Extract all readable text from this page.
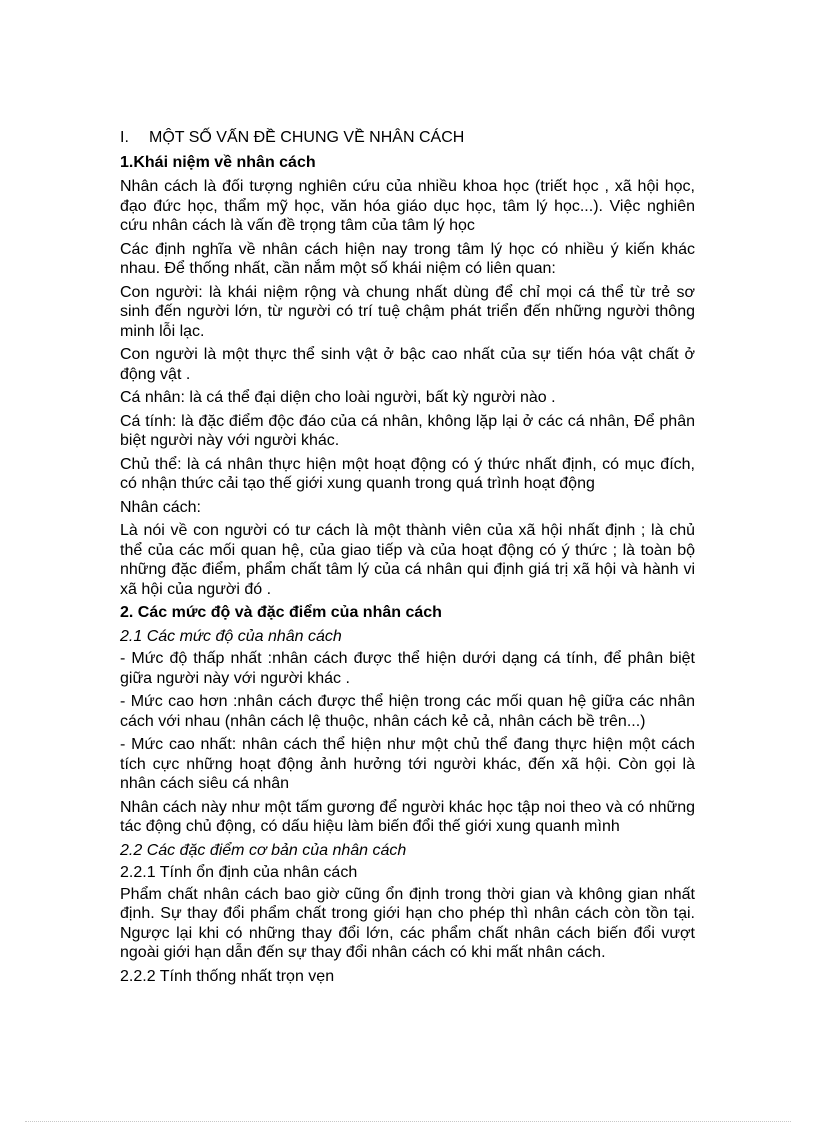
I.	MỘT SỐ VẤN ĐỀ CHUNG VỀ NHÂN CÁCH
1.Khái niệm về nhân cách

Nhân cách là đối tượng nghiên cứu của nhiều khoa học (triết học , xã hội học, đạo đức học, thẩm mỹ học, văn hóa giáo dục học, tâm lý học...). Việc nghiên cứu nhân cách là vấn đề trọng tâm của tâm lý học

Các định nghĩa về nhân cách hiện nay trong tâm lý học có nhiều ý kiến khác nhau. Để thống nhất, cần nắm một số khái niệm có liên quan:

Con người: là khái niệm rộng và chung nhất dùng để chỉ mọi cá thể từ trẻ sơ sinh đến người lớn, từ người có trí tuệ chậm phát triển đến những người thông minh lỗi lạc.

Con người là một thực thể sinh vật ở bậc cao nhất của sự tiến hóa vật chất ở động vật .

Cá nhân: là cá thể đại diện cho loài người, bất kỳ người nào .

Cá tính: là đặc điểm độc đáo của cá nhân, không lặp lại ở các cá nhân, Để phân biệt người này với người khác.

Chủ thể: là cá nhân thực hiện một hoạt động có ý thức nhất định, có mục đích, có nhận thức cải tạo thế giới xung quanh trong quá trình hoạt động

Nhân cách:

Là nói về con người có tư cách là một thành viên của xã hội nhất định ; là chủ thể của các mối quan hệ, của giao tiếp và của hoạt động có ý thức ; là toàn bộ những đặc điểm, phẩm chất tâm lý của cá nhân qui định giá trị xã hội và hành vi xã hội của người đó .

2. Các mức độ và đặc điểm của nhân cách
2.1 Các mức độ của nhân cách

- Mức độ thấp nhất :nhân cách được thể hiện dưới dạng cá tính, để phân biệt giữa người này với người khác .

- Mức cao hơn :nhân cách được thể hiện trong các mối quan hệ giữa các nhân cách với nhau (nhân cách lệ thuộc, nhân cách kẻ cả, nhân cách bề trên...)

- Mức cao nhất: nhân cách thể hiện như một chủ thể đang thực hiện một cách tích cực những hoạt động ảnh hưởng tới người khác, đến xã hội. Còn gọi là nhân cách siêu cá nhân

Nhân cách này như một tấm gương để người khác học tập noi theo và có những tác động chủ động, có dấu hiệu làm biến đổi thế giới xung quanh mình

2.2 Các đặc điểm cơ bản của nhân cách
2.2.1 Tính ổn định của nhân cách

Phẩm chất nhân cách bao giờ cũng ổn định trong thời gian và không gian nhất định. Sự thay đổi phẩm chất trong giới hạn cho phép thì nhân cách còn tồn tại. Ngược lại khi có những thay đổi lớn, các phẩm chất nhân cách biến đổi vượt ngoài giới hạn dẫn đến sự thay đổi nhân cách có khi mất nhân cách.

2.2.2 Tính thống nhất trọn vẹn
